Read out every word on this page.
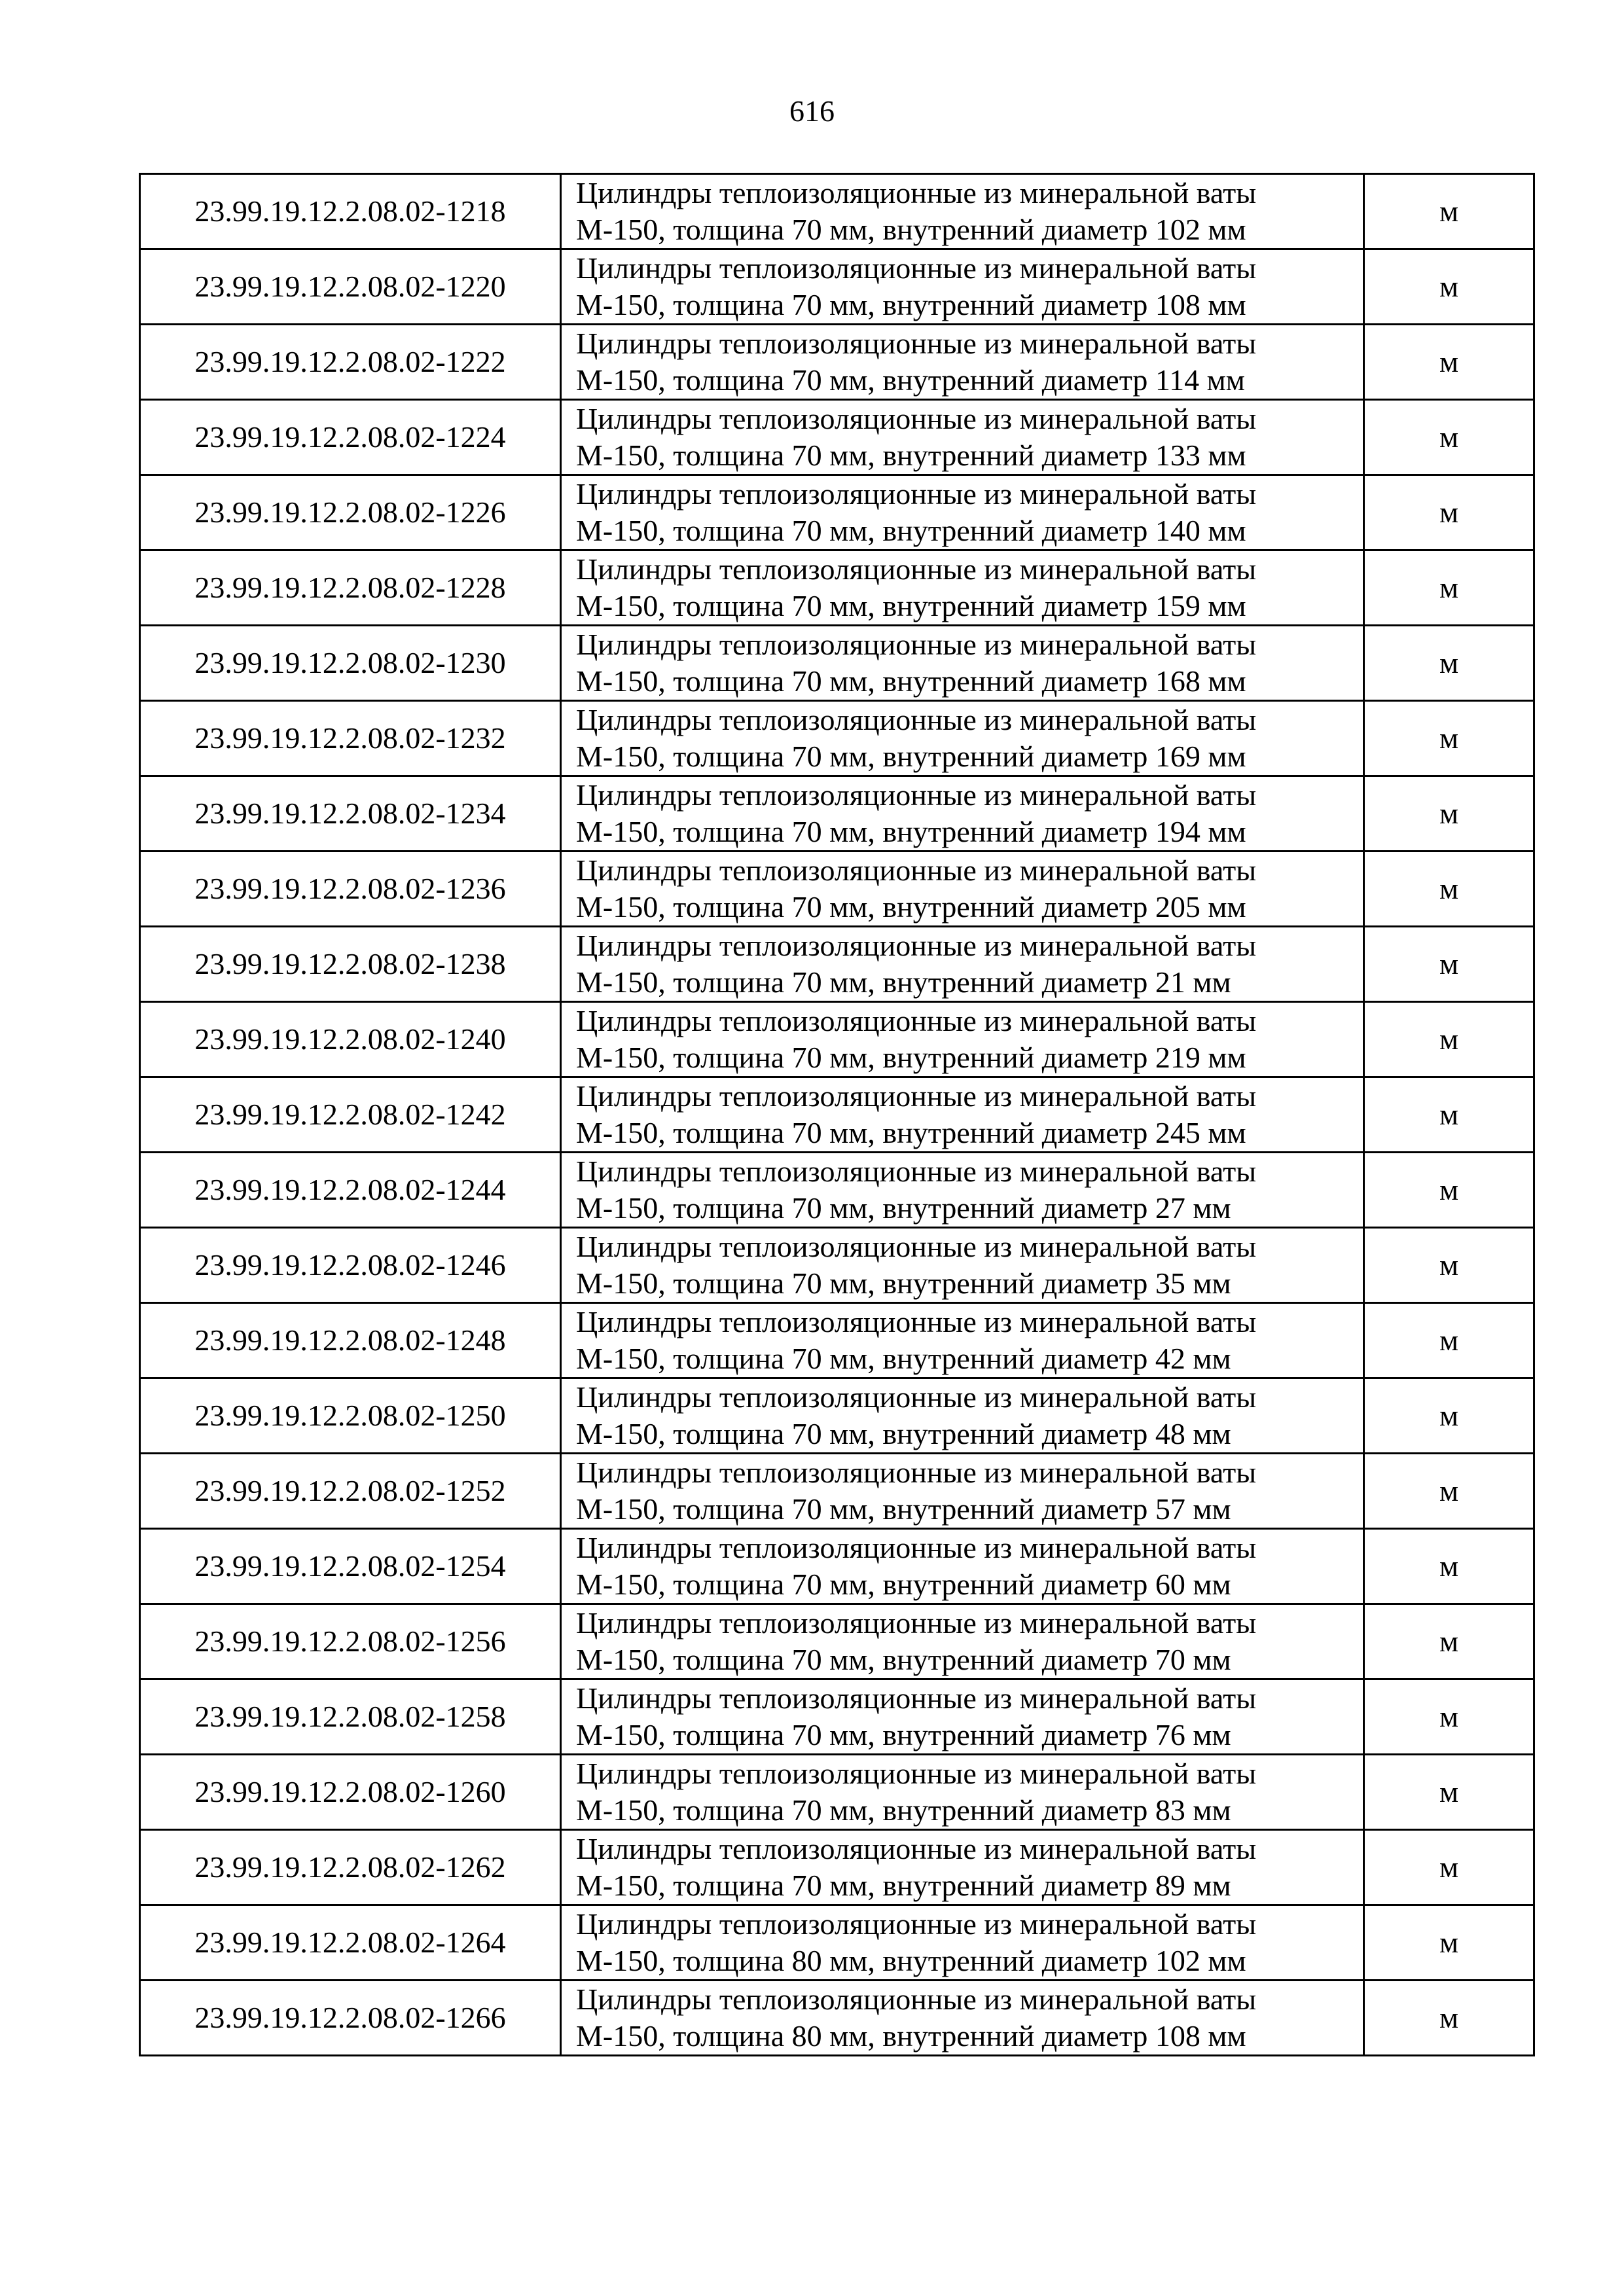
616
23.99.19.12.2.08.02-1218	Цилиндры теплоизоляционные из минеральной ваты
М-150, толщина 70 мм, внутренний диаметр 102 мм	м
23.99.19.12.2.08.02-1220	Цилиндры теплоизоляционные из минеральной ваты
М-150, толщина 70 мм, внутренний диаметр 108 мм	м
23.99.19.12.2.08.02-1222	Цилиндры теплоизоляционные из минеральной ваты
М-150, толщина 70 мм, внутренний диаметр 114 мм	м
23.99.19.12.2.08.02-1224	Цилиндры теплоизоляционные из минеральной ваты
М-150, толщина 70 мм, внутренний диаметр 133 мм	м
23.99.19.12.2.08.02-1226	Цилиндры теплоизоляционные из минеральной ваты
М-150, толщина 70 мм, внутренний диаметр 140 мм	м
23.99.19.12.2.08.02-1228	Цилиндры теплоизоляционные из минеральной ваты
М-150, толщина 70 мм, внутренний диаметр 159 мм	м
23.99.19.12.2.08.02-1230	Цилиндры теплоизоляционные из минеральной ваты
М-150, толщина 70 мм, внутренний диаметр 168 мм	м
23.99.19.12.2.08.02-1232	Цилиндры теплоизоляционные из минеральной ваты
М-150, толщина 70 мм, внутренний диаметр 169 мм	м
23.99.19.12.2.08.02-1234	Цилиндры теплоизоляционные из минеральной ваты
М-150, толщина 70 мм, внутренний диаметр 194 мм	м
23.99.19.12.2.08.02-1236	Цилиндры теплоизоляционные из минеральной ваты
М-150, толщина 70 мм, внутренний диаметр 205 мм	м
23.99.19.12.2.08.02-1238	Цилиндры теплоизоляционные из минеральной ваты
М-150, толщина 70 мм, внутренний диаметр 21 мм	м
23.99.19.12.2.08.02-1240	Цилиндры теплоизоляционные из минеральной ваты
М-150, толщина 70 мм, внутренний диаметр 219 мм	м
23.99.19.12.2.08.02-1242	Цилиндры теплоизоляционные из минеральной ваты
М-150, толщина 70 мм, внутренний диаметр 245 мм	м
23.99.19.12.2.08.02-1244	Цилиндры теплоизоляционные из минеральной ваты
М-150, толщина 70 мм, внутренний диаметр 27 мм	м
23.99.19.12.2.08.02-1246	Цилиндры теплоизоляционные из минеральной ваты
М-150, толщина 70 мм, внутренний диаметр 35 мм	м
23.99.19.12.2.08.02-1248	Цилиндры теплоизоляционные из минеральной ваты
М-150, толщина 70 мм, внутренний диаметр 42 мм	м
23.99.19.12.2.08.02-1250	Цилиндры теплоизоляционные из минеральной ваты
М-150, толщина 70 мм, внутренний диаметр 48 мм	м
23.99.19.12.2.08.02-1252	Цилиндры теплоизоляционные из минеральной ваты
М-150, толщина 70 мм, внутренний диаметр 57 мм	м
23.99.19.12.2.08.02-1254	Цилиндры теплоизоляционные из минеральной ваты
М-150, толщина 70 мм, внутренний диаметр 60 мм	м
23.99.19.12.2.08.02-1256	Цилиндры теплоизоляционные из минеральной ваты
М-150, толщина 70 мм, внутренний диаметр 70 мм	м
23.99.19.12.2.08.02-1258	Цилиндры теплоизоляционные из минеральной ваты
М-150, толщина 70 мм, внутренний диаметр 76 мм	м
23.99.19.12.2.08.02-1260	Цилиндры теплоизоляционные из минеральной ваты
М-150, толщина 70 мм, внутренний диаметр 83 мм	м
23.99.19.12.2.08.02-1262	Цилиндры теплоизоляционные из минеральной ваты
М-150, толщина 70 мм, внутренний диаметр 89 мм	м
23.99.19.12.2.08.02-1264	Цилиндры теплоизоляционные из минеральной ваты
М-150, толщина 80 мм, внутренний диаметр 102 мм	м
23.99.19.12.2.08.02-1266	Цилиндры теплоизоляционные из минеральной ваты
М-150, толщина 80 мм, внутренний диаметр 108 мм	м
